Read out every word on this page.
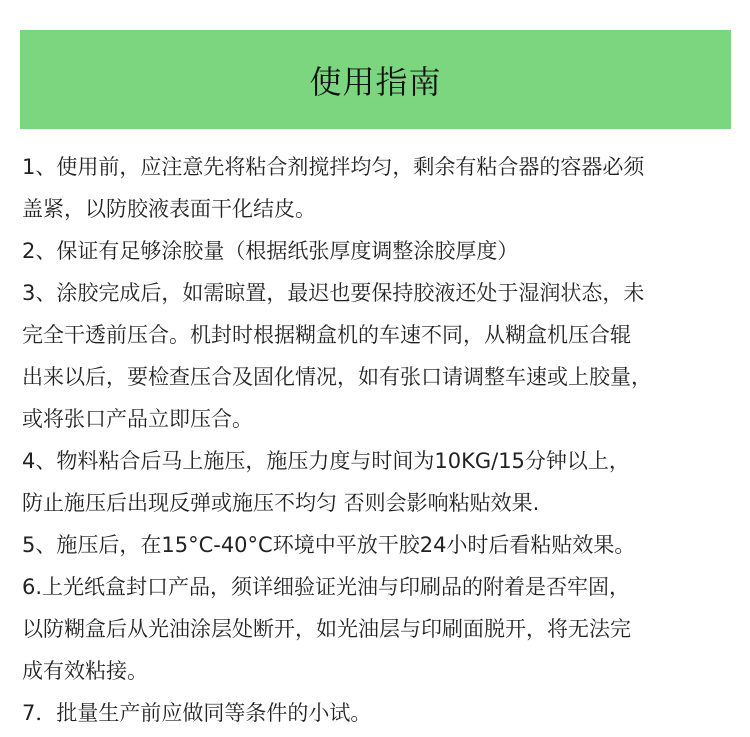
使用指南
1、使用前，应注意先将粘合剂搅拌均匀，剩余有粘合器的容器必须
盖紧，以防胶液表面干化结皮。
2、保证有足够涂胶量（根据纸张厚度调整涂胶厚度）
3、涂胶完成后，如需晾置，最迟也要保持胶液还处于湿润状态，未
完全干透前压合。机封时根据糊盒机的车速不同，从糊盒机压合辊
出来以后，要检查压合及固化情况，如有张口请调整车速或上胶量，
或将张口产品立即压合。
4、物料粘合后马上施压，施压力度与时间为10KG/15分钟以上，
防止施压后出现反弹或施压不均匀 否则会影响粘贴效果.
5、施压后，在15°C-40°C环境中平放干胶24小时后看粘贴效果。
6.上光纸盒封口产品，须详细验证光油与印刷品的附着是否牢固，
以防糊盒后从光油涂层处断开，如光油层与印刷面脱开，将无法完
成有效粘接。
7．批量生产前应做同等条件的小试。
